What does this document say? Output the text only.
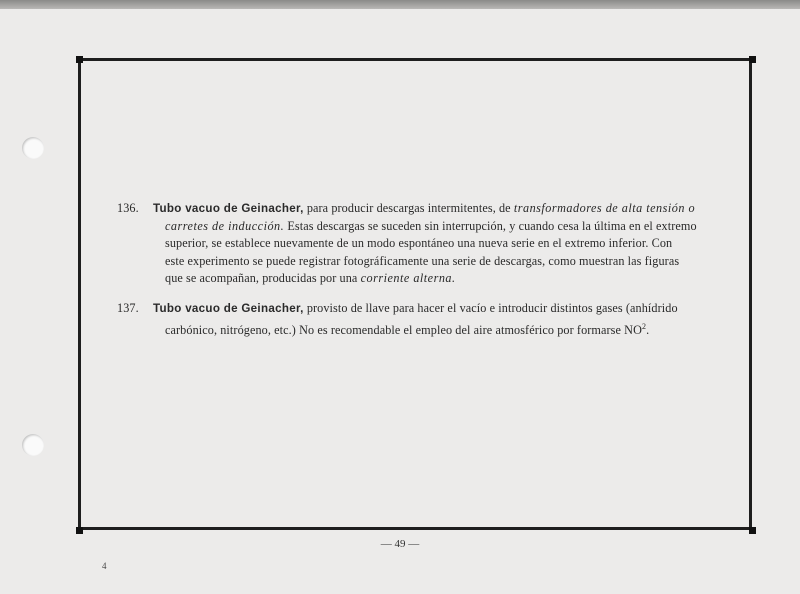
136. Tubo vacuo de Geinacher, para producir descargas intermitentes, de transformadores de alta tensión o
carretes de inducción. Estas descargas se suceden sin interrupción, y cuando cesa la última en el extremo
superior, se establece nuevamente de un modo espontáneo una nueva serie en el extremo inferior. Con
este experimento se puede registrar fotográficamente una serie de descargas, como muestran las figuras
que se acompañan, producidas por una corriente alterna.
137. Tubo vacuo de Geinacher, provisto de llave para hacer el vacío e introducir distintos gases (anhídrido
carbónico, nitrógeno, etc.) No es recomendable el empleo del aire atmosférico por formarse $NO^2$.
— 49 —
4
